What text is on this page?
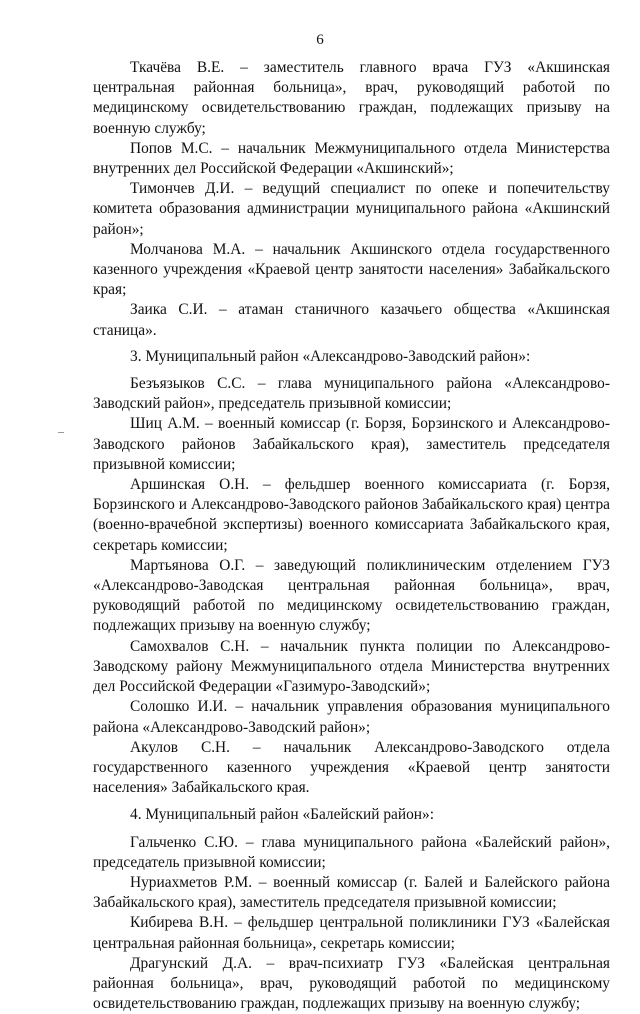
6

Ткачёва В.Е. – заместитель главного врача ГУЗ «Акшинская центральная районная больница», врач, руководящий работой по медицинскому освидетельствованию граждан, подлежащих призыву на военную службу;

Попов М.С. – начальник Межмуниципального отдела Министерства внутренних дел Российской Федерации «Акшинский»;

Тимончев Д.И. – ведущий специалист по опеке и попечительству комитета образования администрации муниципального района «Акшинский район»;

Молчанова М.А. – начальник Акшинского отдела государственного казенного учреждения «Краевой центр занятости населения» Забайкальского края;

Заика С.И. – атаман станичного казачьего общества «Акшинская станица».

3. Муниципальный район «Александрово-Заводский район»:

Безъязыков С.С. – глава муниципального района «Александрово-Заводский район», председатель призывной комиссии;

Шиц А.М. – военный комиссар (г. Борзя, Борзинского и Александрово-Заводского районов Забайкальского края), заместитель председателя призывной комиссии;

Аршинская О.Н. – фельдшер военного комиссариата (г. Борзя, Борзинского и Александрово-Заводского районов Забайкальского края) центра (военно-врачебной экспертизы) военного комиссариата Забайкальского края, секретарь комиссии;

Мартьянова О.Г. – заведующий поликлиническим отделением ГУЗ «Александрово-Заводская центральная районная больница», врач, руководящий работой по медицинскому освидетельствованию граждан, подлежащих призыву на военную службу;

Самохвалов С.Н. – начальник пункта полиции по Александрово-Заводскому району Межмуниципального отдела Министерства внутренних дел Российской Федерации «Газимуро-Заводский»;

Солошко И.И. – начальник управления образования муниципального района «Александрово-Заводский район»;

Акулов С.Н. – начальник Александрово-Заводского отдела государственного казенного учреждения «Краевой центр занятости населения» Забайкальского края.

4. Муниципальный район «Балейский район»:

Гальченко С.Ю. – глава муниципального района «Балейский район», председатель призывной комиссии;

Нуриахметов Р.М. – военный комиссар (г. Балей и Балейского района Забайкальского края), заместитель председателя призывной комиссии;

Кибирева В.Н. – фельдшер центральной поликлиники ГУЗ «Балейская центральная районная больница», секретарь комиссии;

Драгунский Д.А. – врач-психиатр ГУЗ «Балейская центральная районная больница», врач, руководящий работой по медицинскому освидетельствованию граждан, подлежащих призыву на военную службу;
